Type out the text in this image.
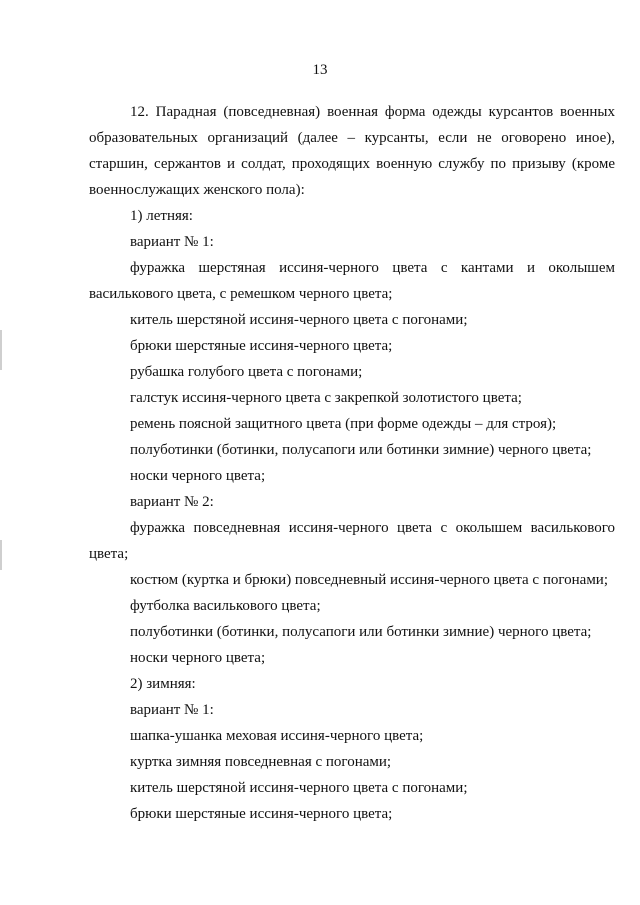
13
12. Парадная (повседневная) военная форма одежды курсантов военных
образовательных организаций (далее – курсанты, если не оговорено иное),
старшин, сержантов и солдат, проходящих военную службу по призыву (кроме
военнослужащих женского пола):
1) летняя:
вариант № 1:
фуражка шерстяная иссиня-черного цвета с кантами и околышем
василькового цвета, с ремешком черного цвета;
китель шерстяной иссиня-черного цвета с погонами;
брюки шерстяные иссиня-черного цвета;
рубашка голубого цвета с погонами;
галстук иссиня-черного цвета с закрепкой золотистого цвета;
ремень поясной защитного цвета (при форме одежды – для строя);
полуботинки (ботинки, полусапоги или ботинки зимние) черного цвета;
носки черного цвета;
вариант № 2:
фуражка повседневная иссиня-черного цвета с околышем василькового
цвета;
костюм (куртка и брюки) повседневный иссиня-черного цвета с погонами;
футболка василькового цвета;
полуботинки (ботинки, полусапоги или ботинки зимние) черного цвета;
носки черного цвета;
2) зимняя:
вариант № 1:
шапка-ушанка меховая иссиня-черного цвета;
куртка зимняя повседневная с погонами;
китель шерстяной иссиня-черного цвета с погонами;
брюки шерстяные иссиня-черного цвета;
